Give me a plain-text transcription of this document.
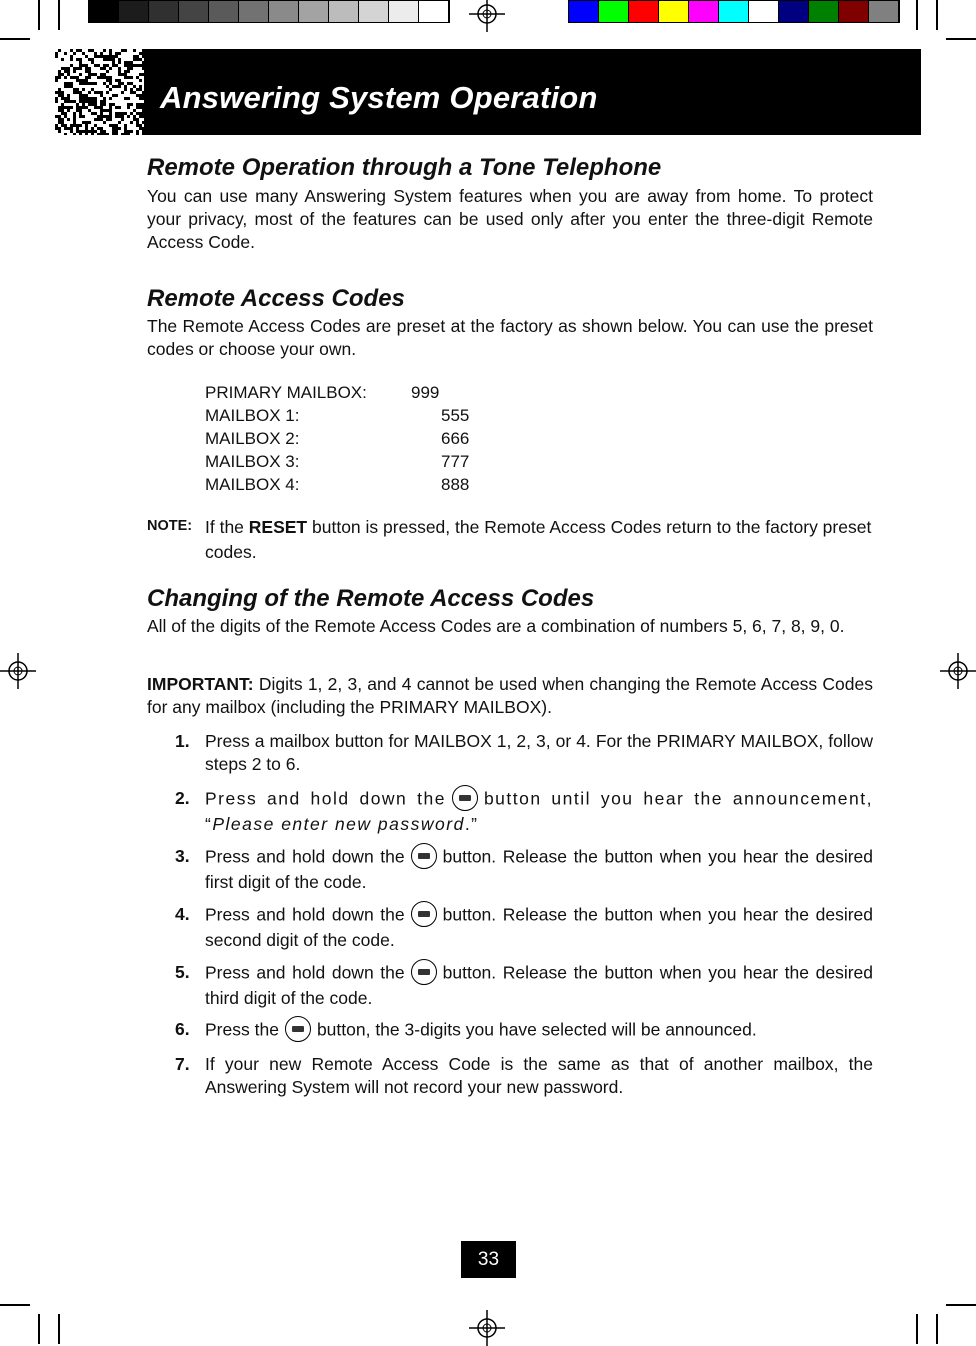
Answering System Operation
Remote Operation through a Tone Telephone

You can use many Answering System features when you are away from home. To protect your privacy, most of the features can be used only after you enter the three-digit Remote Access Code.

Remote Access Codes

The Remote Access Codes are preset at the factory as shown below. You can use the preset codes or choose your own.

PRIMARY MAILBOX:	999
MAILBOX 1:	555
MAILBOX 2:	666
MAILBOX 3:	777
MAILBOX 4:	888
NOTE: If the RESET button is pressed, the Remote Access Codes return to the factory preset codes.

Changing of the Remote Access Codes

All of the digits of the Remote Access Codes are a combination of numbers 5, 6, 7, 8, 9, 0.

IMPORTANT: Digits 1, 2, 3, and 4 cannot be used when changing the Remote Access Codes for any mailbox (including the PRIMARY MAILBOX).

1. Press a mailbox button for MAILBOX 1, 2, 3, or 4. For the PRIMARY MAILBOX, follow steps 2 to 6.
2. Press and hold down the button until you hear the announcement, “Please enter new password.”
3. Press and hold down the button. Release the button when you hear the desired first digit of the code.
4. Press and hold down the button. Release the button when you hear the desired second digit of the code.
5. Press and hold down the button. Release the button when you hear the desired third digit of the code.
6. Press the button, the 3-digits you have selected will be announced.
7. If your new Remote Access Code is the same as that of another mailbox, the Answering System will not record your new password.
33
